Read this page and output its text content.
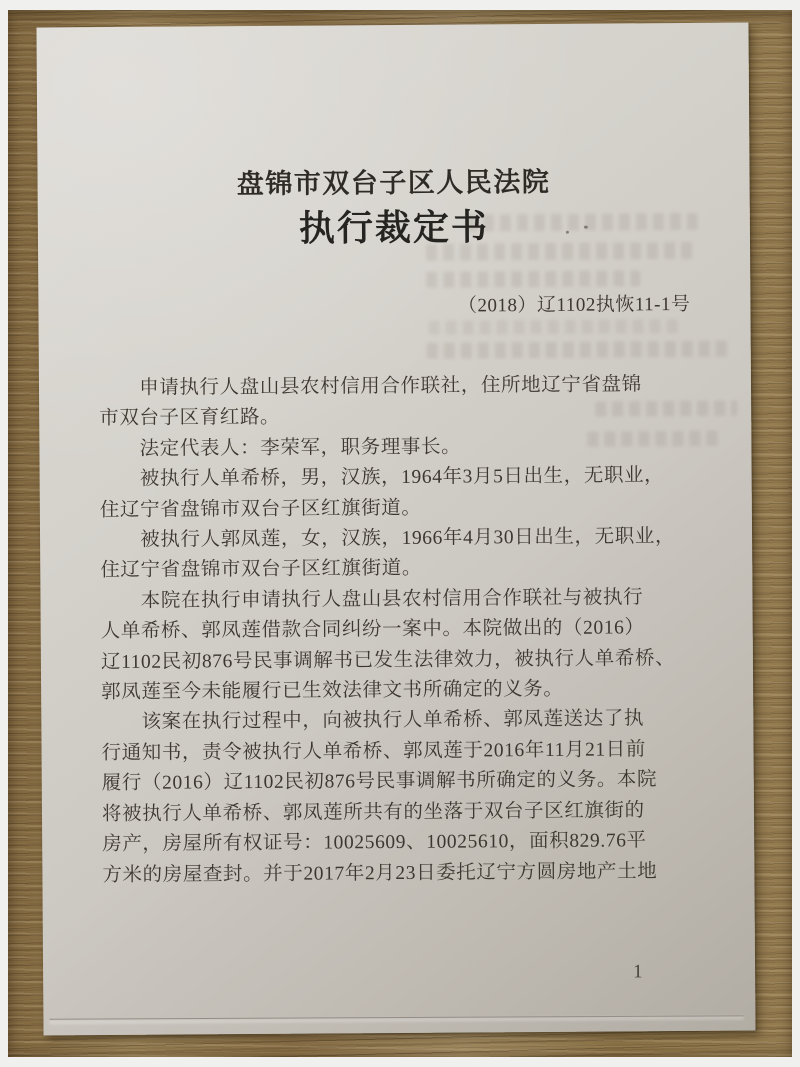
盘锦市双台子区人民法院
执行裁定书
（2018）辽1102执恢11-1号
　　申请执行人盘山县农村信用合作联社，住所地辽宁省盘锦
市双台子区育红路。
　　法定代表人：李荣军，职务理事长。
　　被执行人单希桥，男，汉族，1964年3月5日出生，无职业，
住辽宁省盘锦市双台子区红旗街道。
　　被执行人郭凤莲，女，汉族，1966年4月30日出生，无职业，
住辽宁省盘锦市双台子区红旗街道。
　　本院在执行申请执行人盘山县农村信用合作联社与被执行
人单希桥、郭凤莲借款合同纠纷一案中。本院做出的（2016）
辽1102民初876号民事调解书已发生法律效力，被执行人单希桥、
郭凤莲至今未能履行已生效法律文书所确定的义务。
　　该案在执行过程中，向被执行人单希桥、郭凤莲送达了执
行通知书，责令被执行人单希桥、郭凤莲于2016年11月21日前
履行（2016）辽1102民初876号民事调解书所确定的义务。本院
将被执行人单希桥、郭凤莲所共有的坐落于双台子区红旗街的
房产，房屋所有权证号：10025609、10025610，面积829.76平
方米的房屋查封。并于2017年2月23日委托辽宁方圆房地产土地
1
